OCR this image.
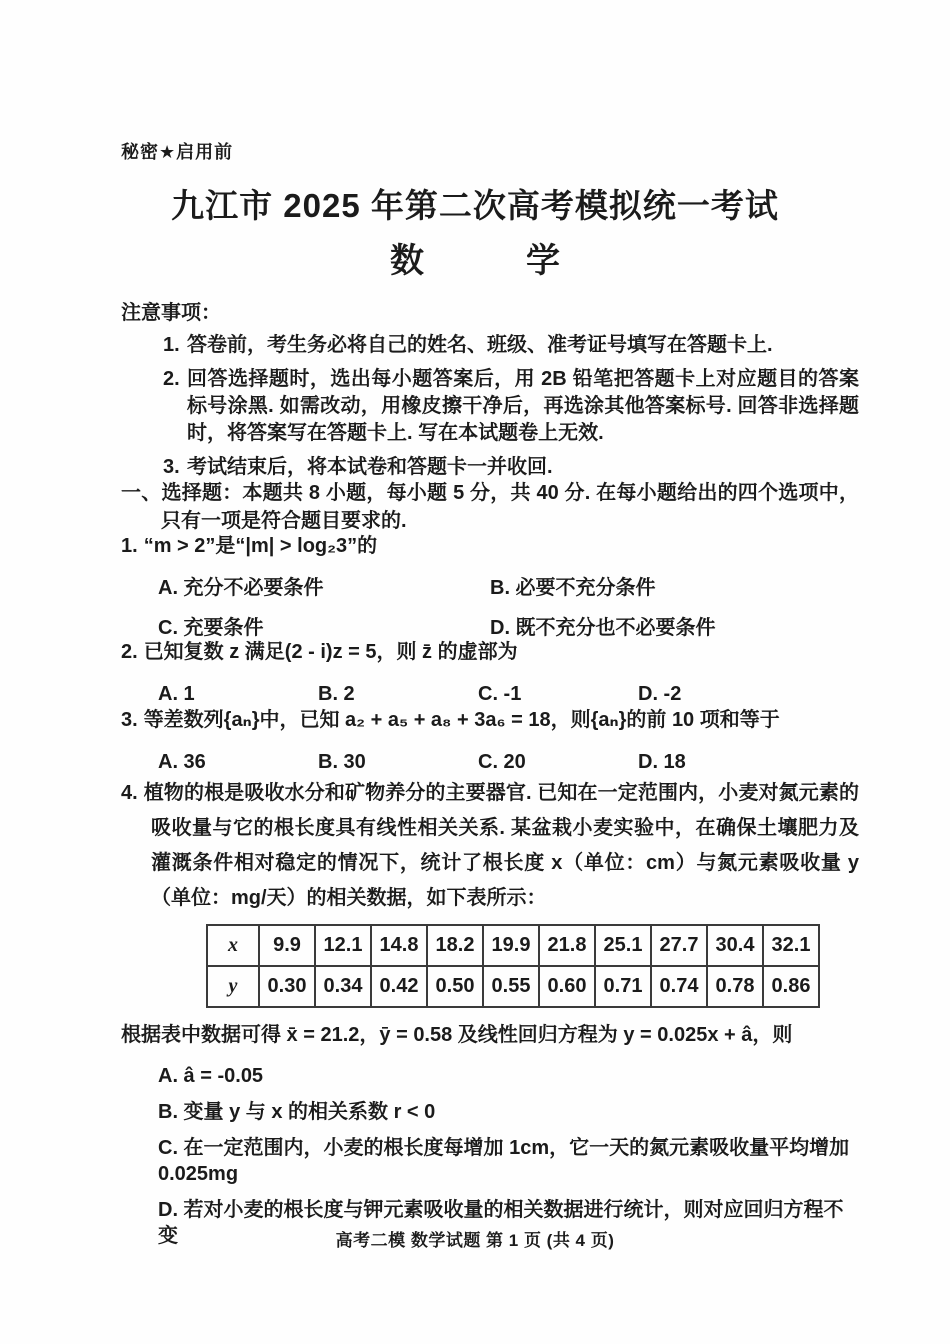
秘密★启用前
九江市 2025 年第二次高考模拟统一考试
数　　　学
注意事项：
1. 答卷前，考生务必将自己的姓名、班级、准考证号填写在答题卡上.
2. 回答选择题时，选出每小题答案后，用 2B 铅笔把答题卡上对应题目的答案标号涂黑. 如需改动，用橡皮擦干净后，再选涂其他答案标号. 回答非选择题时，将答案写在答题卡上. 写在本试题卷上无效.
3. 考试结束后，将本试卷和答题卡一并收回.
一、选择题：本题共 8 小题，每小题 5 分，共 40 分. 在每小题给出的四个选项中，只有一项是符合题目要求的.
1. “m > 2”是“|m| > log₂3”的
A. 充分不必要条件	B. 必要不充分条件
C. 充要条件	D. 既不充分也不必要条件
2. 已知复数 z 满足(2 - i)z = 5，则 z̄ 的虚部为
A. 1	B. 2	C. -1	D. -2
3. 等差数列{aₙ}中，已知 a₂ + a₅ + a₈ + 3a₆ = 18，则{aₙ}的前 10 项和等于
A. 36	B. 30	C. 20	D. 18
4. 植物的根是吸收水分和矿物养分的主要器官. 已知在一定范围内，小麦对氮元素的吸收量与它的根长度具有线性相关关系. 某盆栽小麦实验中，在确保土壤肥力及灌溉条件相对稳定的情况下，统计了根长度 x（单位：cm）与氮元素吸收量 y（单位：mg/天）的相关数据，如下表所示：
x	9.9	12.1	14.8	18.2	19.9	21.8	25.1	27.7	30.4	32.1
y	0.30	0.34	0.42	0.50	0.55	0.60	0.71	0.74	0.78	0.86
根据表中数据可得 x̄ = 21.2，ȳ = 0.58 及线性回归方程为 y = 0.025x + â，则
A. â = -0.05
B. 变量 y 与 x 的相关系数 r < 0
C. 在一定范围内，小麦的根长度每增加 1cm，它一天的氮元素吸收量平均增加 0.025mg
D. 若对小麦的根长度与钾元素吸收量的相关数据进行统计，则对应回归方程不变	高考二模 数学试题 第 1 页 (共 4 页)
